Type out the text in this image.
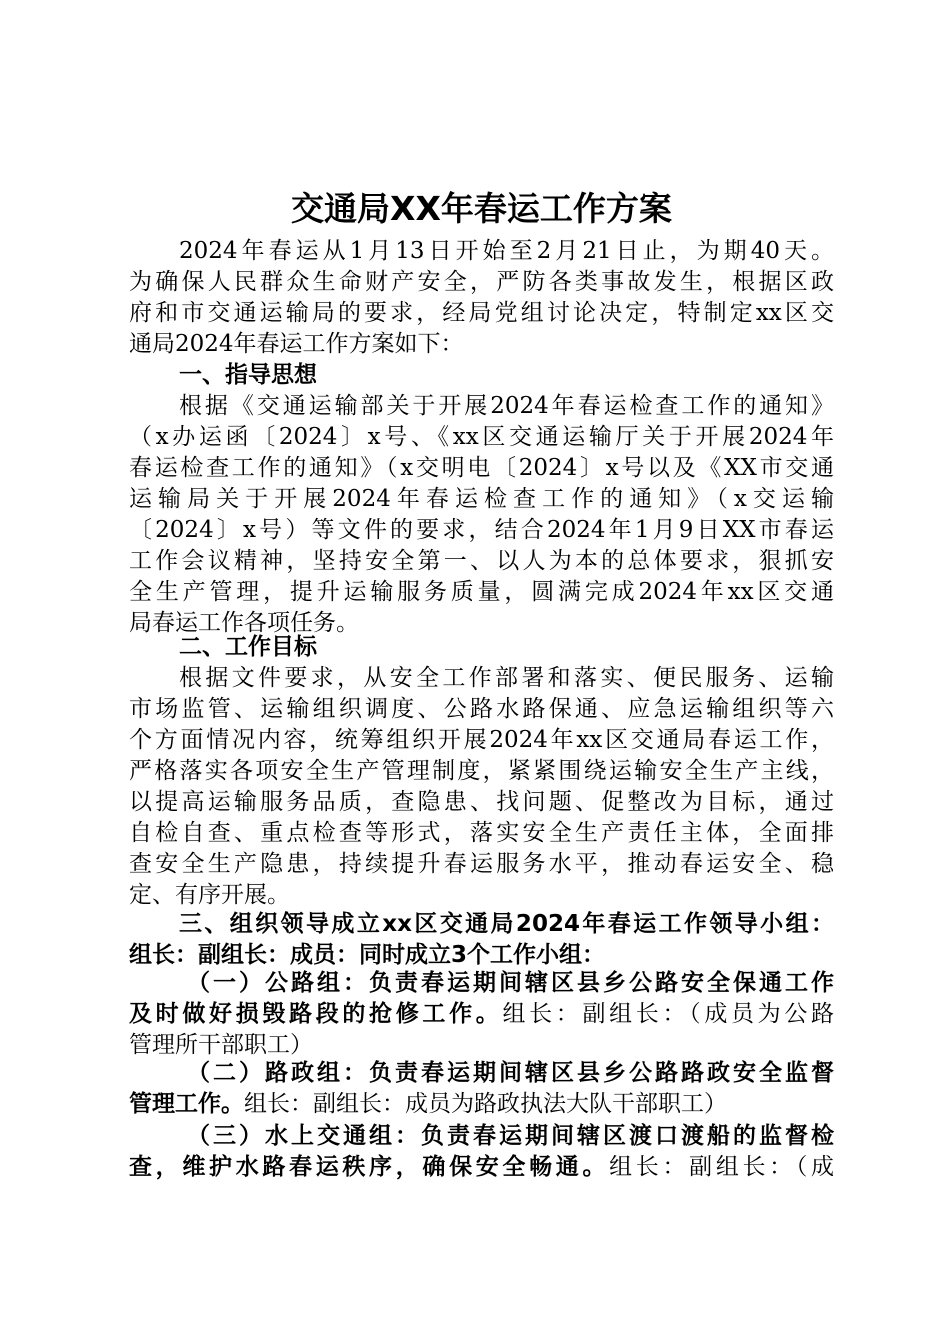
交通局XX年春运工作方案
2024年春运从1月13日开始至2月21日止，为期40天。
为确保人民群众生命财产安全，严防各类事故发生，根据区政
府和市交通运输局的要求，经局党组讨论决定，特制定xx区交
通局2024年春运工作方案如下：
一、指导思想
根据《交通运输部关于开展2024年春运检查工作的通知》
（x办运函〔2024〕x号、《xx区交通运输厅关于开展2024年
春运检查工作的通知》（x交明电〔2024〕x号以及《XX市交通
运输局关于开展2024年春运检查工作的通知》（x交运输
〔2024〕x号）等文件的要求，结合2024年1月9日XX市春运
工作会议精神，坚持安全第一、以人为本的总体要求，狠抓安
全生产管理，提升运输服务质量，圆满完成2024年xx区交通
局春运工作各项任务。
二、工作目标
根据文件要求，从安全工作部署和落实、便民服务、运输
市场监管、运输组织调度、公路水路保通、应急运输组织等六
个方面情况内容，统筹组织开展2024年xx区交通局春运工作，
严格落实各项安全生产管理制度，紧紧围绕运输安全生产主线，
以提高运输服务品质，查隐患、找问题、促整改为目标，通过
自检自查、重点检查等形式，落实安全生产责任主体，全面排
查安全生产隐患，持续提升春运服务水平，推动春运安全、稳
定、有序开展。
三、组织领导成立xx区交通局2024年春运工作领导小组：
组长：副组长：成员：同时成立3个工作小组：
（一）公路组：负责春运期间辖区县乡公路安全保通工作
及时做好损毁路段的抢修工作。组长：副组长：（成员为公路
管理所干部职工）
（二）路政组：负责春运期间辖区县乡公路路政安全监督
管理工作。组长：副组长：成员为路政执法大队干部职工）
（三）水上交通组：负责春运期间辖区渡口渡船的监督检
查，维护水路春运秩序，确保安全畅通。组长：副组长：（成
